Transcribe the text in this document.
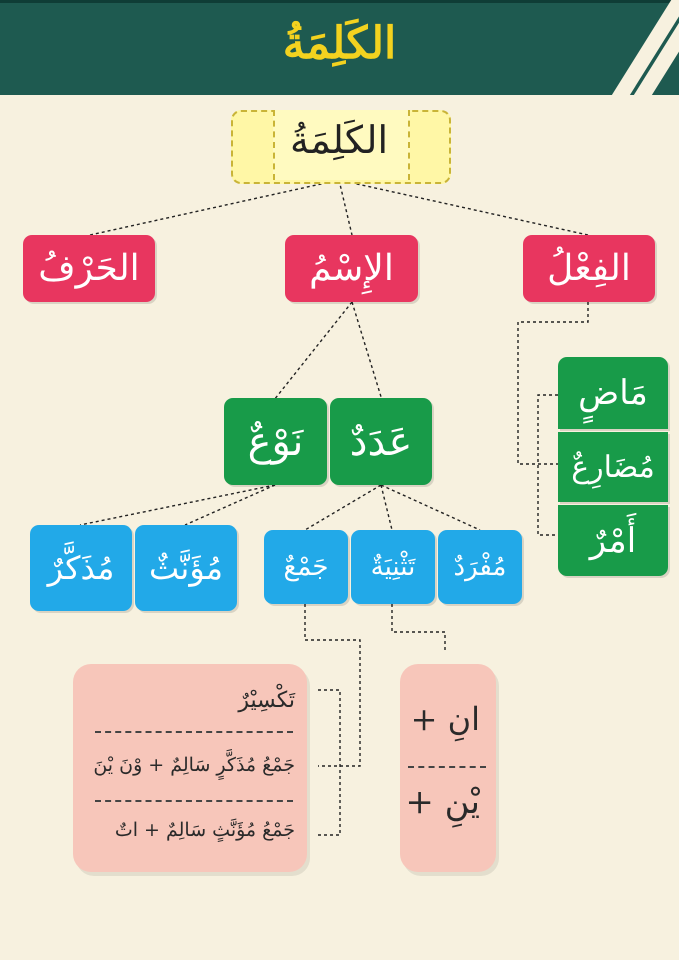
الكَلِمَةُ
الكَلِمَةُ
الحَرْفُ	الإِسْمُ	الفِعْلُ
مَاضٍ
مُضَارِعٌ
أَمْرٌ
عَدَدٌ
نَوْعٌ
مُؤَنَّثٌ
مُذَكَّرٌ	جَمْعٌ	تَثْنِيَةٌ	مُفْرَدٌ
تَكْسِيْرٌ
جَمْعُ مُذَكَّرٍ سَالِمٌ + وْنَ يْنَ
جَمْعُ مُؤَنَّثٍ سَالِمٌ + اتٌ
+ انِ
+ يْنِ
